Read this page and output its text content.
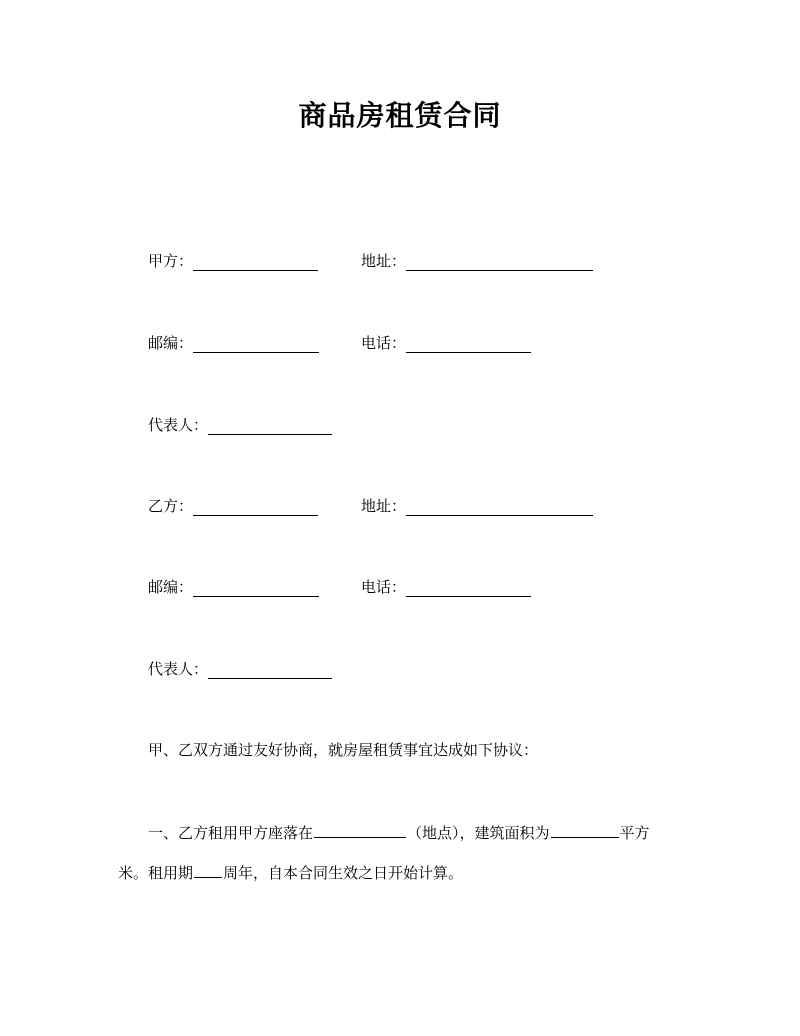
商品房租赁合同
甲方：	地址：
邮编：	电话：
代表人：
乙方：	地址：
邮编：	电话：
代表人：
甲、乙双方通过友好协商，就房屋租赁事宜达成如下协议：
一、乙方租用甲方座落在	（地点），建筑面积为	平方
米。租用期 周年，自本合同生效之日开始计算。
